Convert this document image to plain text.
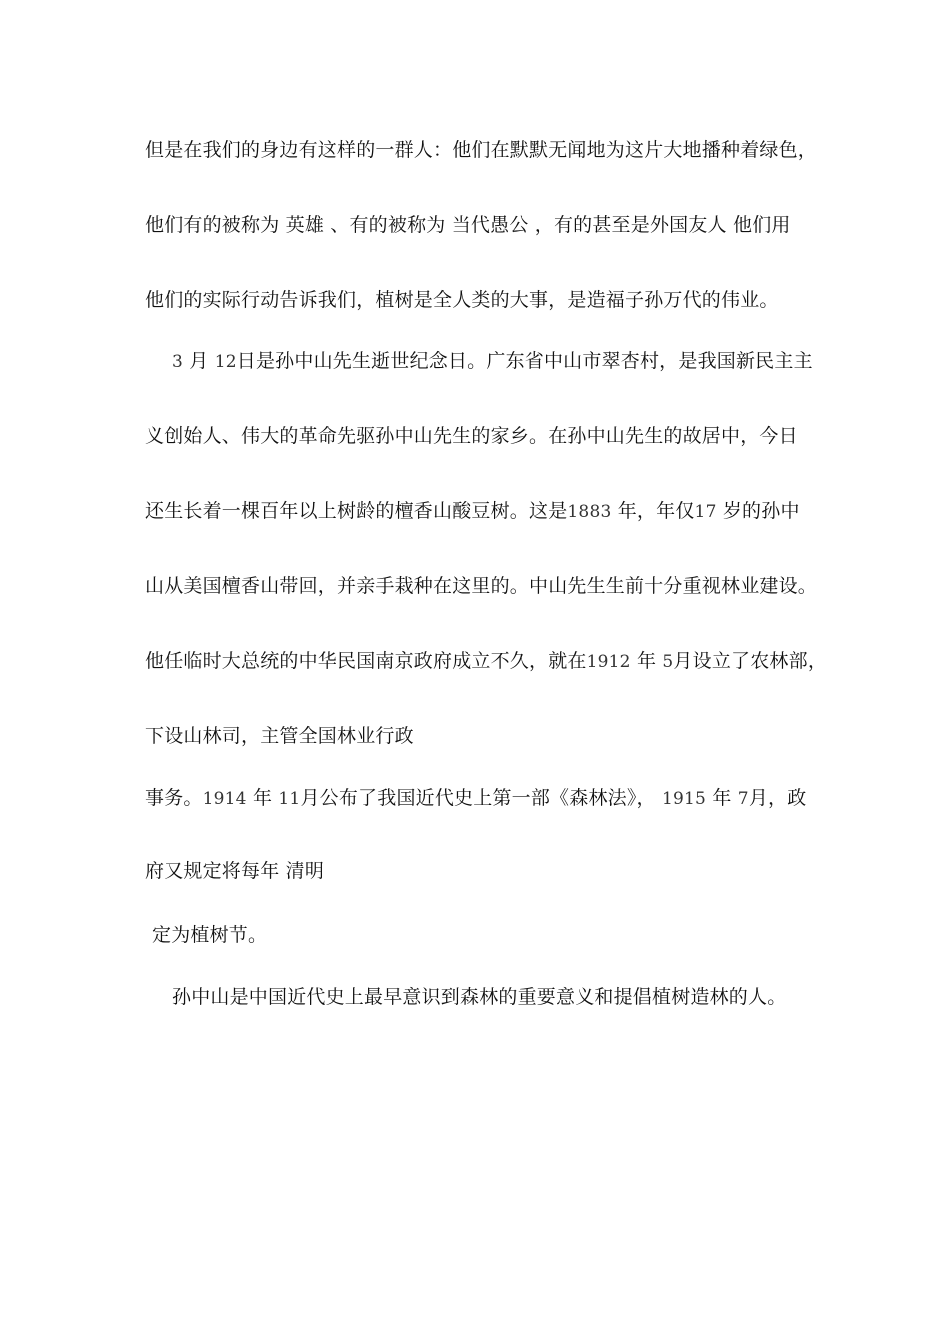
但是在我们的身边有这样的一群人：他们在默默无闻地为这片大地播种着绿色，
他们有的被称为 英雄 、有的被称为 当代愚公 ，有的甚至是外国友人 他们用
他们的实际行动告诉我们，植树是全人类的大事，是造福子孙万代的伟业。
3 月 12日是孙中山先生逝世纪念日。广东省中山市翠杏村，是我国新民主主
义创始人、伟大的革命先驱孙中山先生的家乡。在孙中山先生的故居中，今日
还生长着一棵百年以上树龄的檀香山酸豆树。这是1883 年，年仅17 岁的孙中
山从美国檀香山带回，并亲手栽种在这里的。中山先生生前十分重视林业建设。
他任临时大总统的中华民国南京政府成立不久，就在1912 年 5月设立了农林部，
下设山林司，主管全国林业行政
事务。1914 年 11月公布了我国近代史上第一部《森林法》， 1915 年 7月，政
府又规定将每年 清明
定为植树节。
孙中山是中国近代史上最早意识到森林的重要意义和提倡植树造林的人。
